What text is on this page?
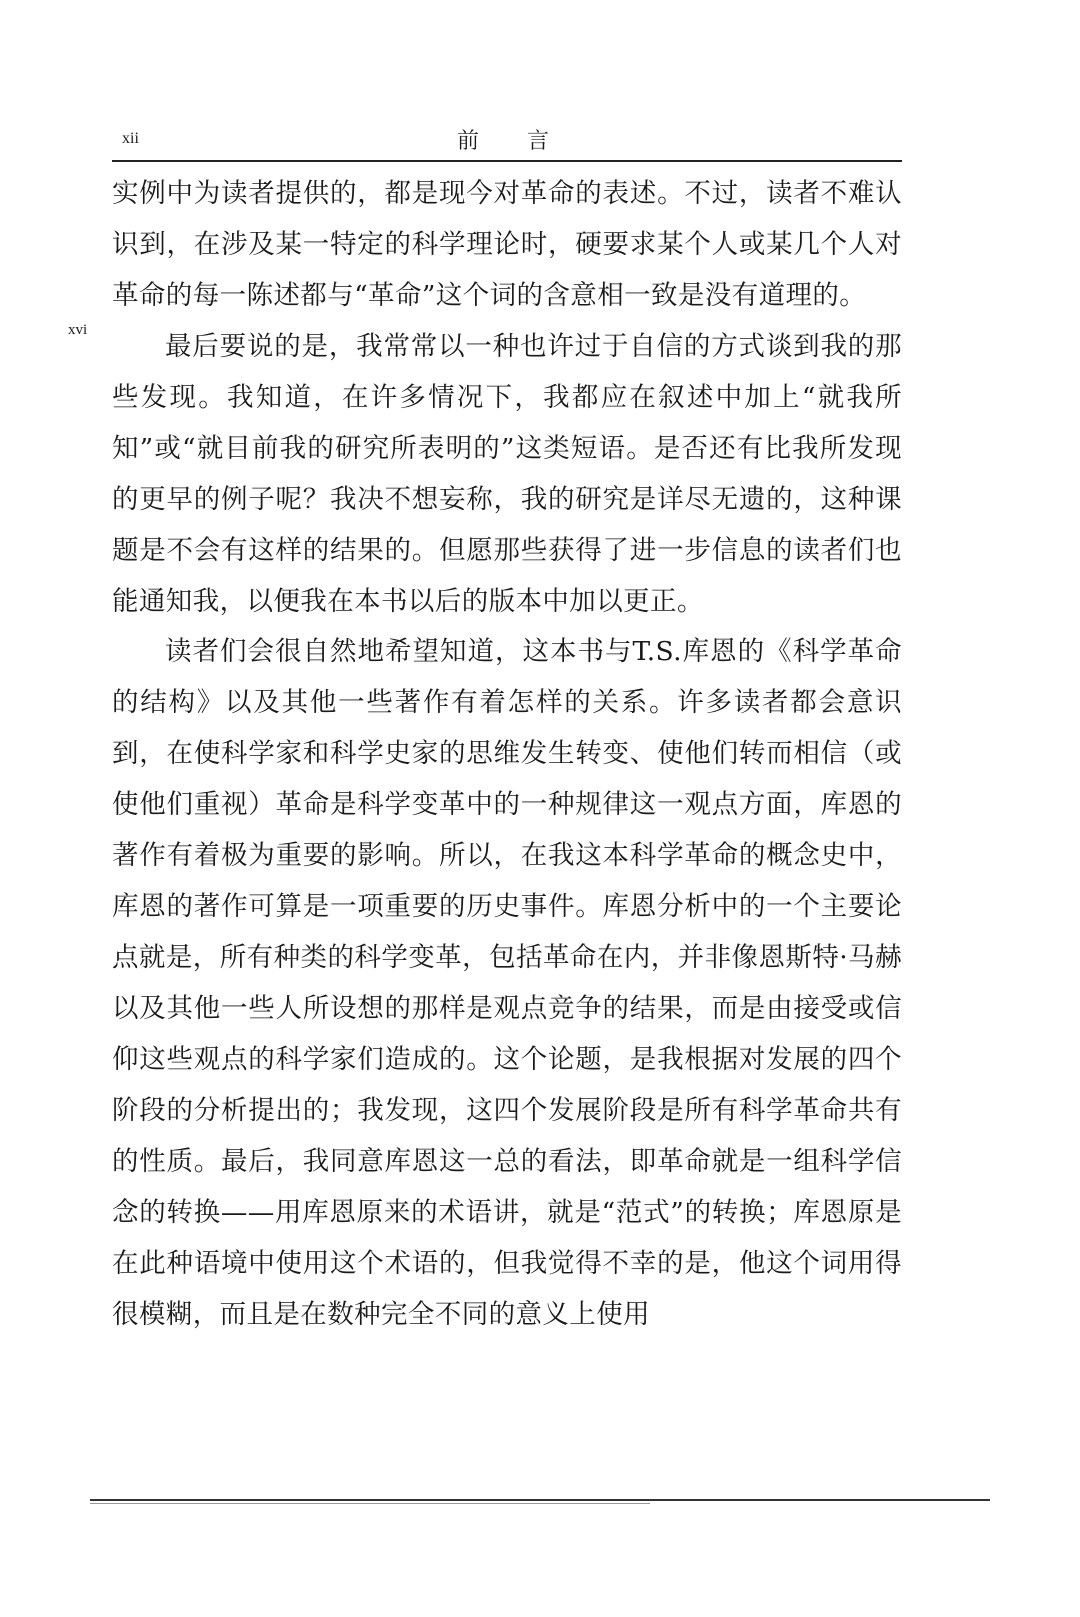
xii	前言
xvi

实例中为读者提供的，都是现今对革命的表述。不过，读者不难认识到，在涉及某一特定的科学理论时，硬要求某个人或某几个人对革命的每一陈述都与“革命”这个词的含意相一致是没有道理的。

最后要说的是，我常常以一种也许过于自信的方式谈到我的那些发现。我知道，在许多情况下，我都应在叙述中加上“就我所知”或“就目前我的研究所表明的”这类短语。是否还有比我所发现的更早的例子呢？我决不想妄称，我的研究是详尽无遗的，这种课题是不会有这样的结果的。但愿那些获得了进一步信息的读者们也能通知我，以便我在本书以后的版本中加以更正。

读者们会很自然地希望知道，这本书与T.S.库恩的《科学革命的结构》以及其他一些著作有着怎样的关系。许多读者都会意识到，在使科学家和科学史家的思维发生转变、使他们转而相信（或使他们重视）革命是科学变革中的一种规律这一观点方面，库恩的著作有着极为重要的影响。所以，在我这本科学革命的概念史中，库恩的著作可算是一项重要的历史事件。库恩分析中的一个主要论点就是，所有种类的科学变革，包括革命在内，并非像恩斯特·马赫以及其他一些人所设想的那样是观点竞争的结果，而是由接受或信仰这些观点的科学家们造成的。这个论题，是我根据对发展的四个阶段的分析提出的；我发现，这四个发展阶段是所有科学革命共有的性质。最后，我同意库恩这一总的看法，即革命就是一组科学信念的转换——用库恩原来的术语讲，就是“范式”的转换；库恩原是在此种语境中使用这个术语的，但我觉得不幸的是，他这个词用得很模糊，而且是在数种完全不同的意义上使用
